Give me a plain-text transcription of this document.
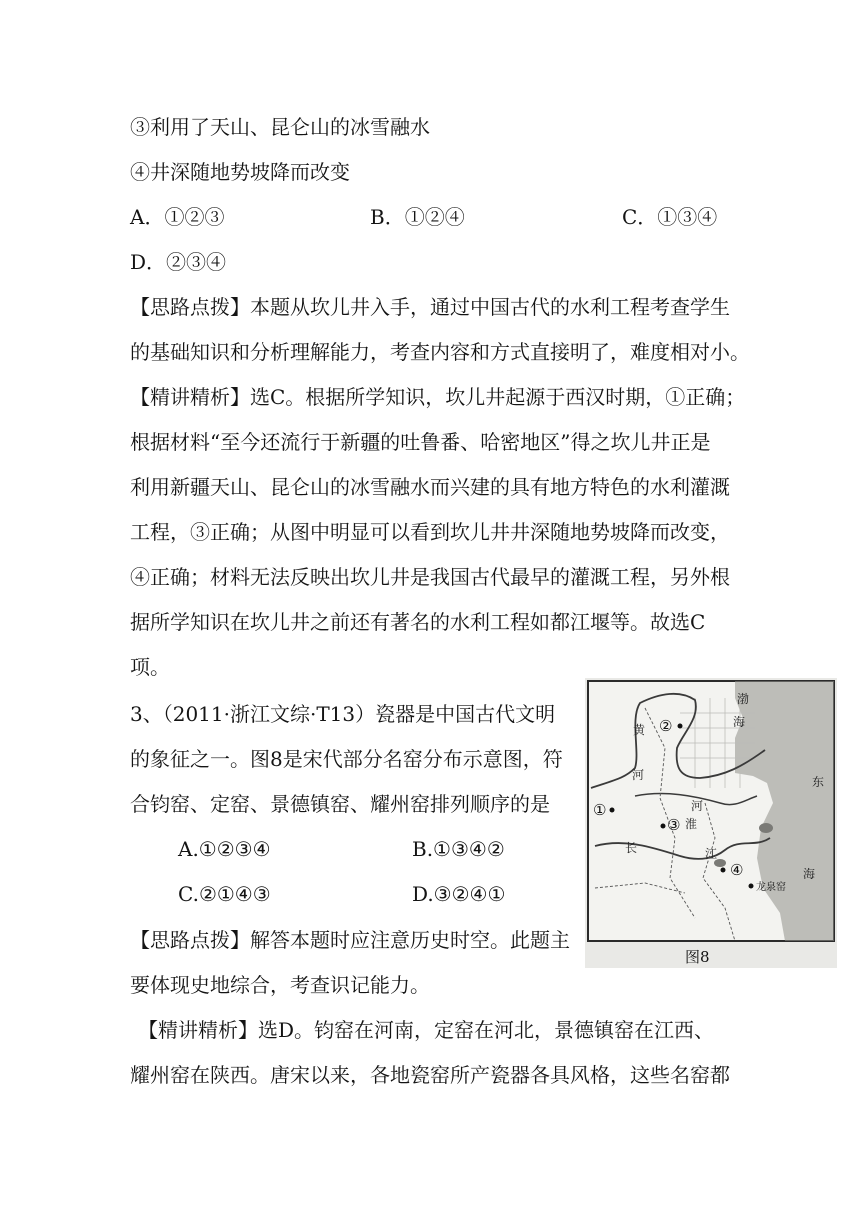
③利用了天山、昆仑山的冰雪融水
④井深随地势坡降而改变
A．①②③	B．①②④	C．①③④
D．②③④
【思路点拨】本题从坎儿井入手，通过中国古代的水利工程考查学生
的基础知识和分析理解能力，考查内容和方式直接明了，难度相对小。
【精讲精析】选C。根据所学知识，坎儿井起源于西汉时期，①正确；
根据材料“至今还流行于新疆的吐鲁番、哈密地区”得之坎儿井正是
利用新疆天山、昆仑山的冰雪融水而兴建的具有地方特色的水利灌溉
工程，③正确；从图中明显可以看到坎儿井井深随地势坡降而改变，
④正确；材料无法反映出坎儿井是我国古代最早的灌溉工程，另外根
据所学知识在坎儿井之前还有著名的水利工程如都江堰等。故选C
项。
3、（2011·浙江文综·T13）瓷器是中国古代文明
的象征之一。图8是宋代部分名窑分布示意图，符
合钧窑、定窑、景德镇窑、耀州窑排列顺序的是
A.①②③④	B.①③④②
C.②①④③	D.③②④①
【思路点拨】解答本题时应注意历史时空。此题主
要体现史地综合，考查识记能力。
【精讲精析】选D。钧窑在河南，定窑在河北，景德镇窑在江西、
耀州窑在陕西。唐宋以来，各地瓷窑所产瓷器各具风格，这些名窑都
①
②
③
④
龙泉窑
渤
海
东
海
黄
河
河
淮
长	江
图8
